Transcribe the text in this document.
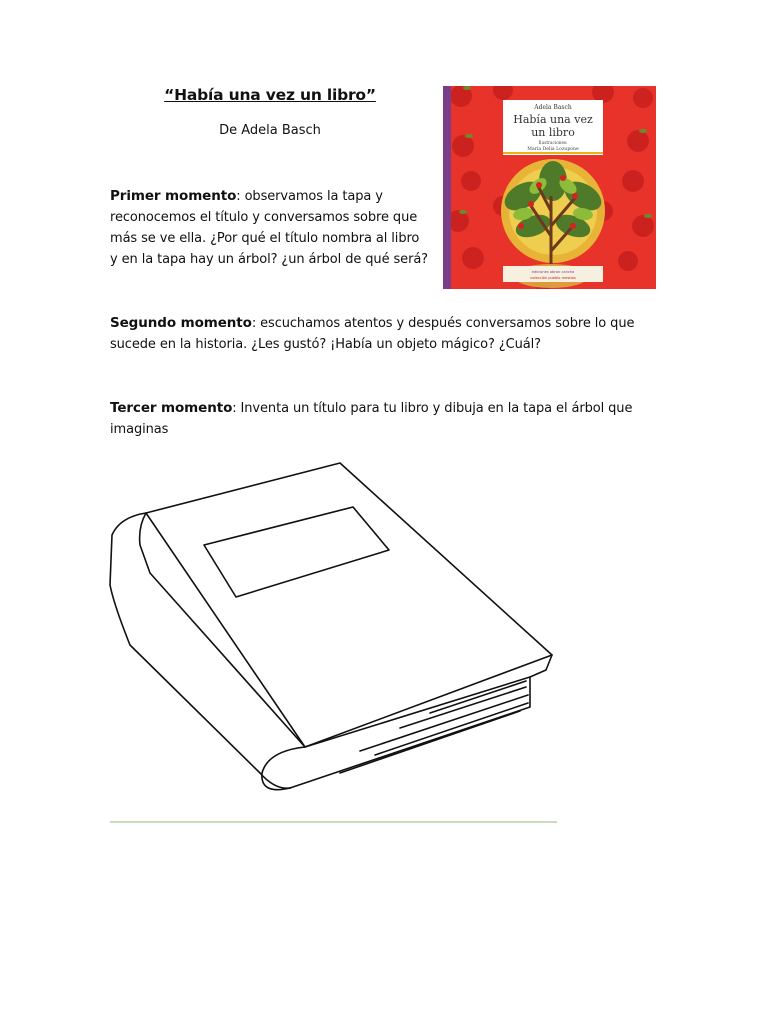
“Había una vez un libro”
De Adela Basch
Primer momento: observamos la tapa y reconocemos el título y conversamos sobre que más se ve ella. ¿Por qué el título nombra al libro y en la tapa hay un árbol? ¿un árbol de qué será?
Segundo momento: escuchamos atentos y después conversamos sobre lo que sucede en la historia. ¿Les gustó? ¡Había un objeto mágico? ¿Cuál?
Tercer momento: Inventa un título para tu libro y dibuja en la tapa el árbol que imaginas
Adela Basch
Había una vez
un libro
Ilustraciones:
María Delia Lozupone
ediciones abran cancha
colección pueblo mestizo
